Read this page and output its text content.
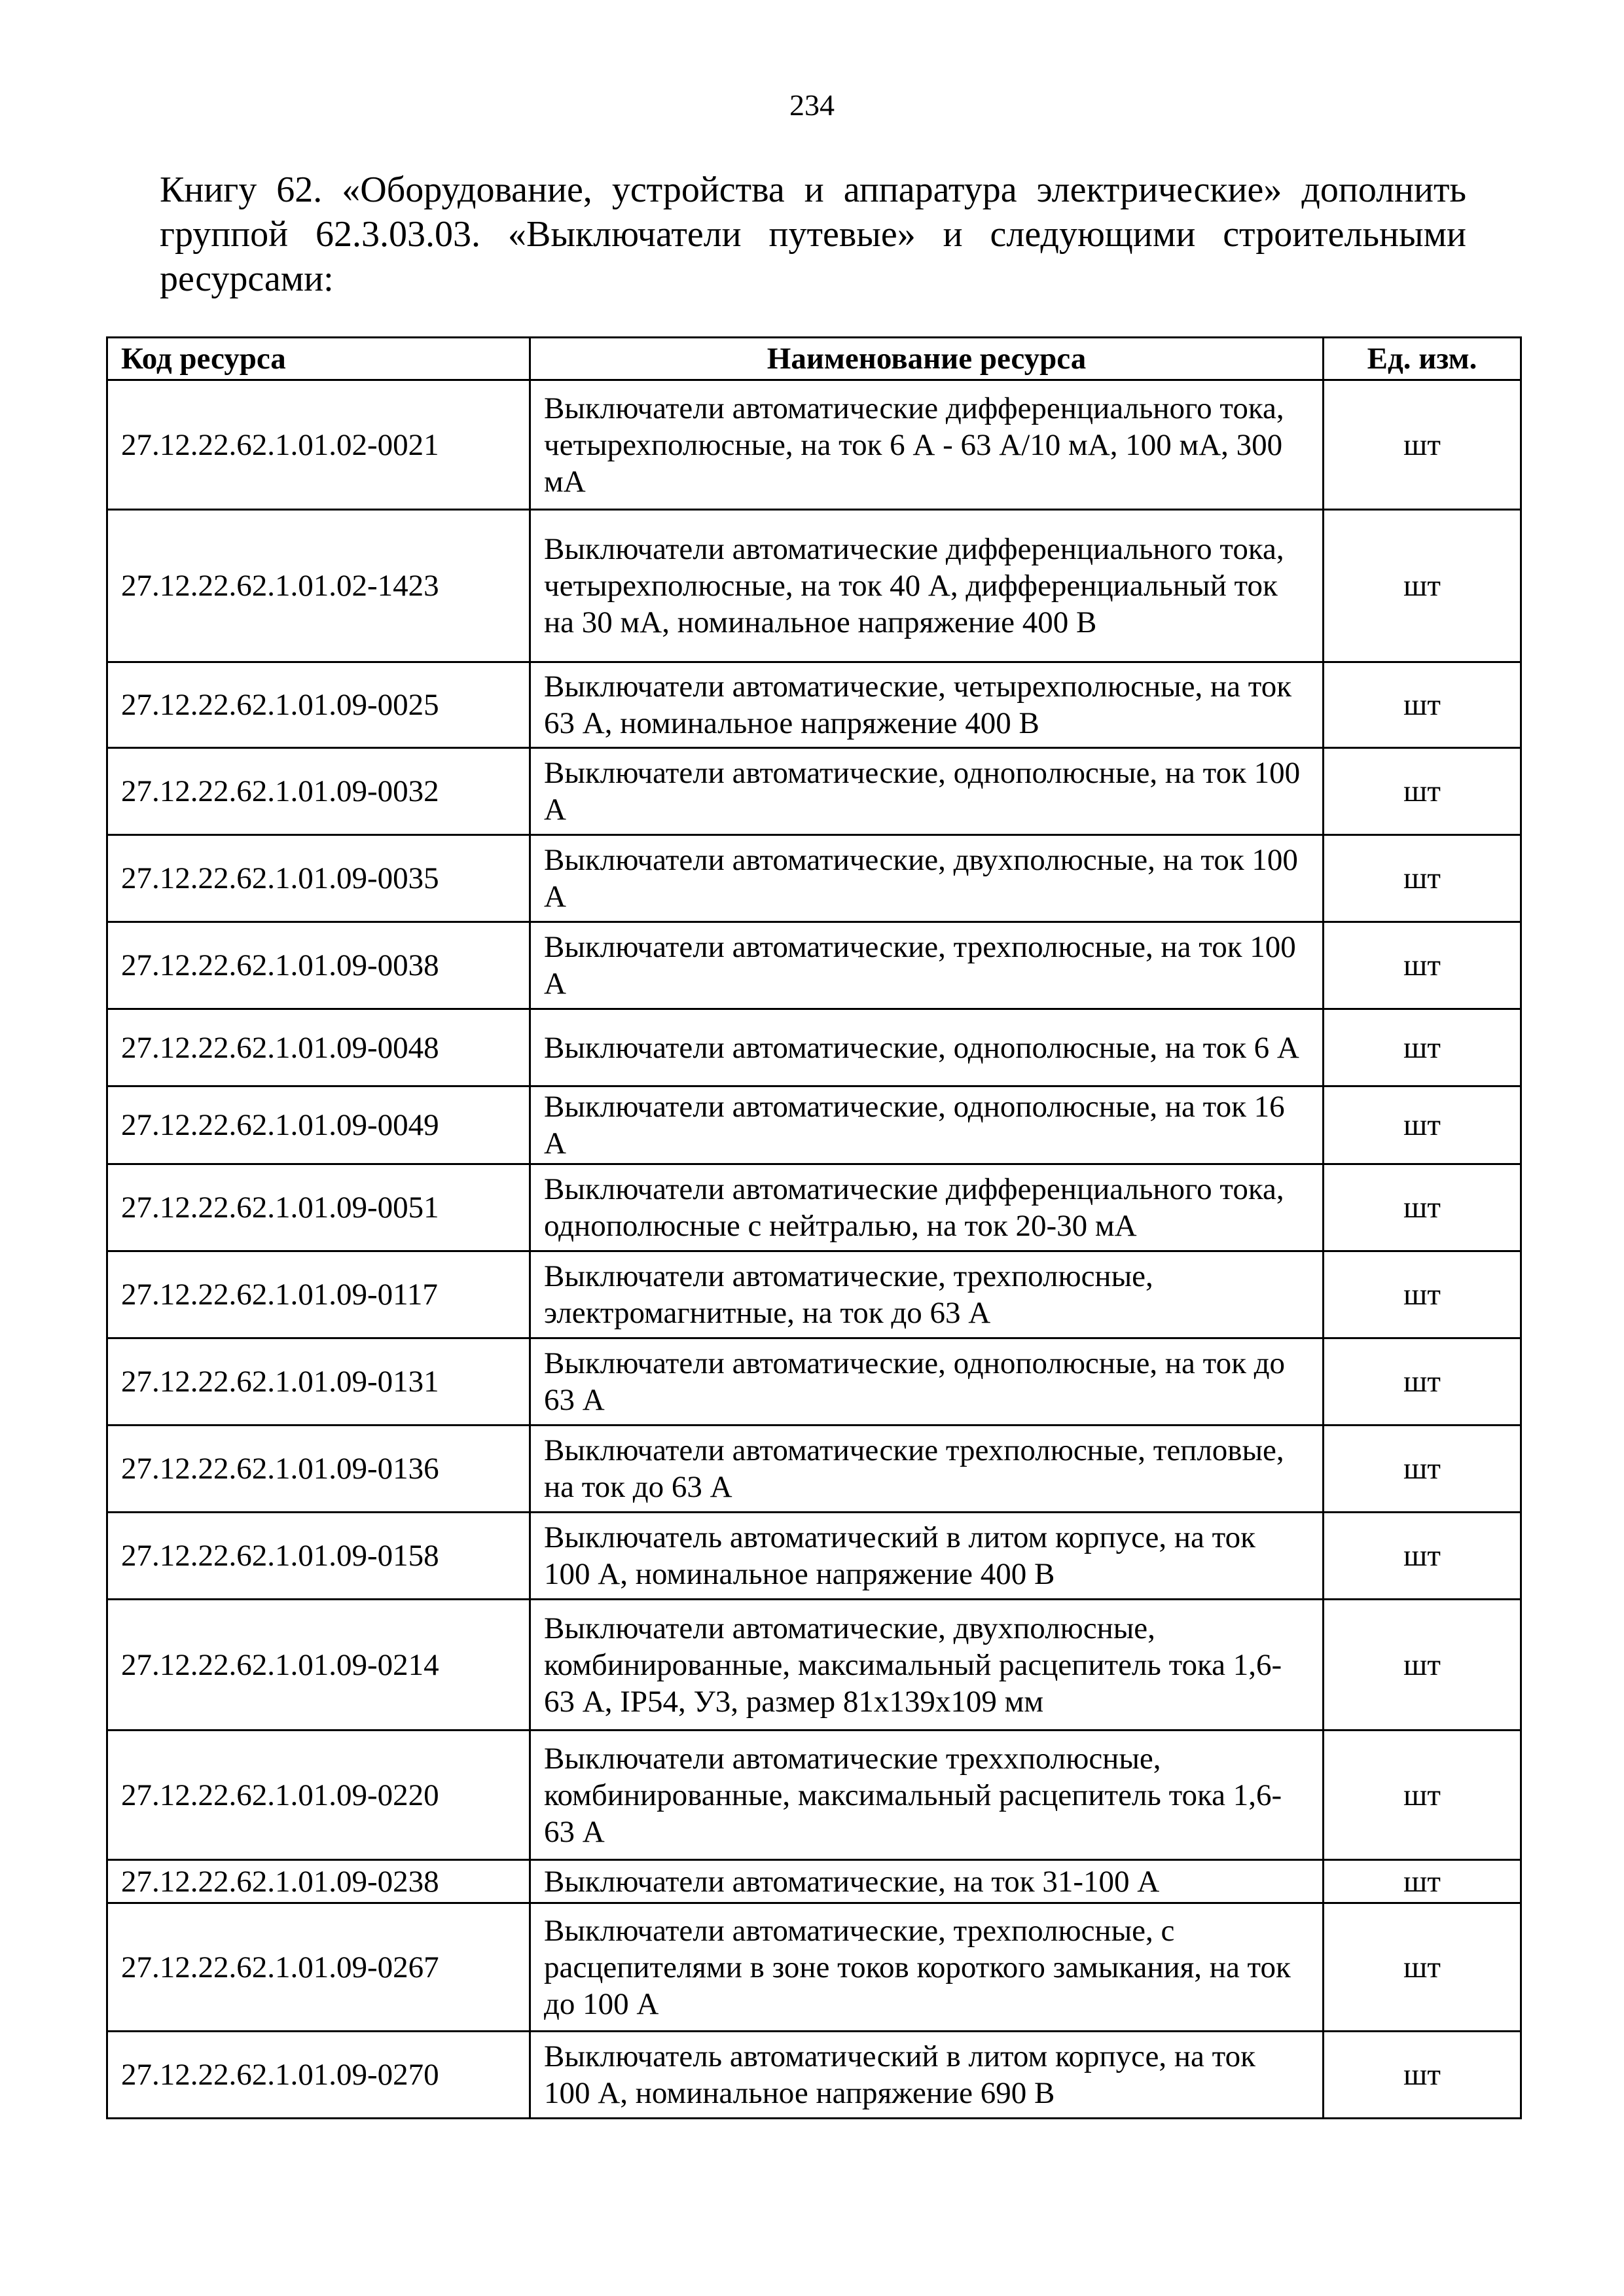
234

Книгу 62. «Оборудование, устройства и аппаратура электрические» дополнить группой 62.3.03.03. «Выключатели путевые» и следующими строительными ресурсами:

Код ресурса	Наименование ресурса	Ед. изм.
27.12.22.62.1.01.02-0021	Выключатели автоматические дифференциального тока, четырехполюсные, на ток 6 А - 63 А/10 мА, 100 мА, 300 мА	шт
27.12.22.62.1.01.02-1423	Выключатели автоматические дифференциального тока, четырехполюсные, на ток 40 А, дифференциальный ток на 30 мА, номинальное напряжение 400 В	шт
27.12.22.62.1.01.09-0025	Выключатели автоматические, четырехполюсные, на ток 63 А, номинальное напряжение 400 В	шт
27.12.22.62.1.01.09-0032	Выключатели автоматические, однополюсные, на ток 100 А	шт
27.12.22.62.1.01.09-0035	Выключатели автоматические, двухполюсные, на ток 100 А	шт
27.12.22.62.1.01.09-0038	Выключатели автоматические, трехполюсные, на ток 100 А	шт
27.12.22.62.1.01.09-0048	Выключатели автоматические, однополюсные, на ток 6 А	шт
27.12.22.62.1.01.09-0049	Выключатели автоматические, однополюсные, на ток 16 А	шт
27.12.22.62.1.01.09-0051	Выключатели автоматические дифференциального тока, однополюсные с нейтралью, на ток 20-30 мА	шт
27.12.22.62.1.01.09-0117	Выключатели автоматические, трехполюсные, электромагнитные, на ток до 63 А	шт
27.12.22.62.1.01.09-0131	Выключатели автоматические, однополюсные, на ток до 63 А	шт
27.12.22.62.1.01.09-0136	Выключатели автоматические трехполюсные, тепловые, на ток до 63 А	шт
27.12.22.62.1.01.09-0158	Выключатель автоматический в литом корпусе, на ток 100 А, номинальное напряжение 400 В	шт
27.12.22.62.1.01.09-0214	Выключатели автоматические, двухполюсные, комбинированные, максимальный расцепитель тока 1,6-63 А, IP54, У3, размер 81х139х109 мм	шт
27.12.22.62.1.01.09-0220	Выключатели автоматические трехxполюсные, комбинированные, максимальный расцепитель тока 1,6-63 А	шт
27.12.22.62.1.01.09-0238	Выключатели автоматические, на ток 31-100 А	шт
27.12.22.62.1.01.09-0267	Выключатели автоматические, трехполюсные, с расцепителями в зоне токов короткого замыкания, на ток до 100 А	шт
27.12.22.62.1.01.09-0270	Выключатель автоматический в литом корпусе, на ток 100 А, номинальное напряжение 690 В	шт
